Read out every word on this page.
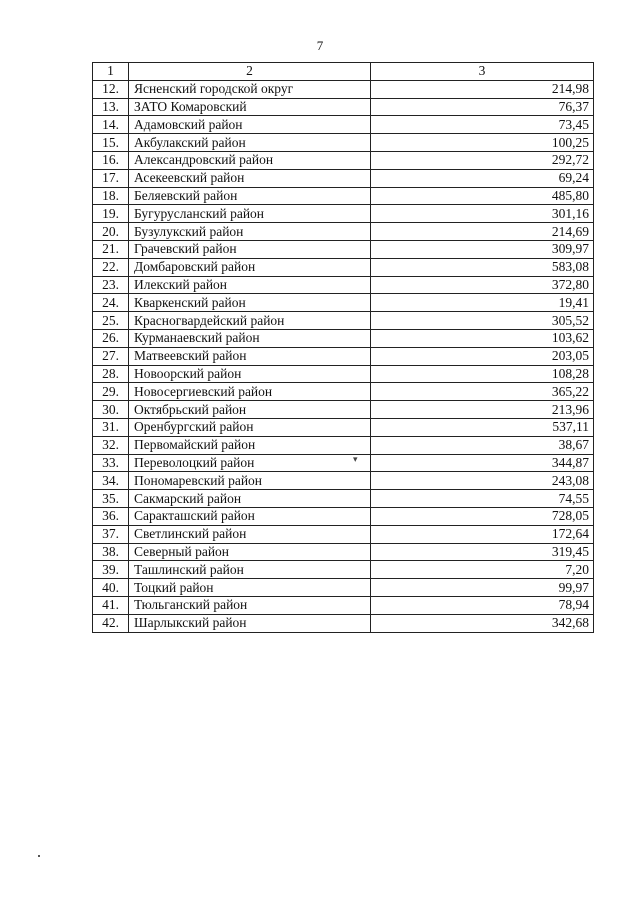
7
1	2	3
12.	Ясненский городской округ	214,98
13.	ЗАТО Комаровский	76,37
14.	Адамовский район	73,45
15.	Акбулакский район	100,25
16.	Александровский район	292,72
17.	Асекеевский район	69,24
18.	Беляевский район	485,80
19.	Бугурусланский район	301,16
20.	Бузулукский район	214,69
21.	Грачевский район	309,97
22.	Домбаровский район	583,08
23.	Илекский район	372,80
24.	Кваркенский район	19,41
25.	Красногвардейский район	305,52
26.	Курманаевский район	103,62
27.	Матвеевский район	203,05
28.	Новоорский район	108,28
29.	Новосергиевский район	365,22
30.	Октябрьский район	213,96
31.	Оренбургский район	537,11
32.	Первомайский район	38,67
33.	Переволоцкий район	344,87
34.	Пономаревский район	243,08
35.	Сакмарский район	74,55
36.	Саракташский район	728,05
37.	Светлинский район	172,64
38.	Северный район	319,45
39.	Ташлинский район	7,20
40.	Тоцкий район	99,97
41.	Тюльганский район	78,94
42.	Шарлыкский район	342,68
▾
